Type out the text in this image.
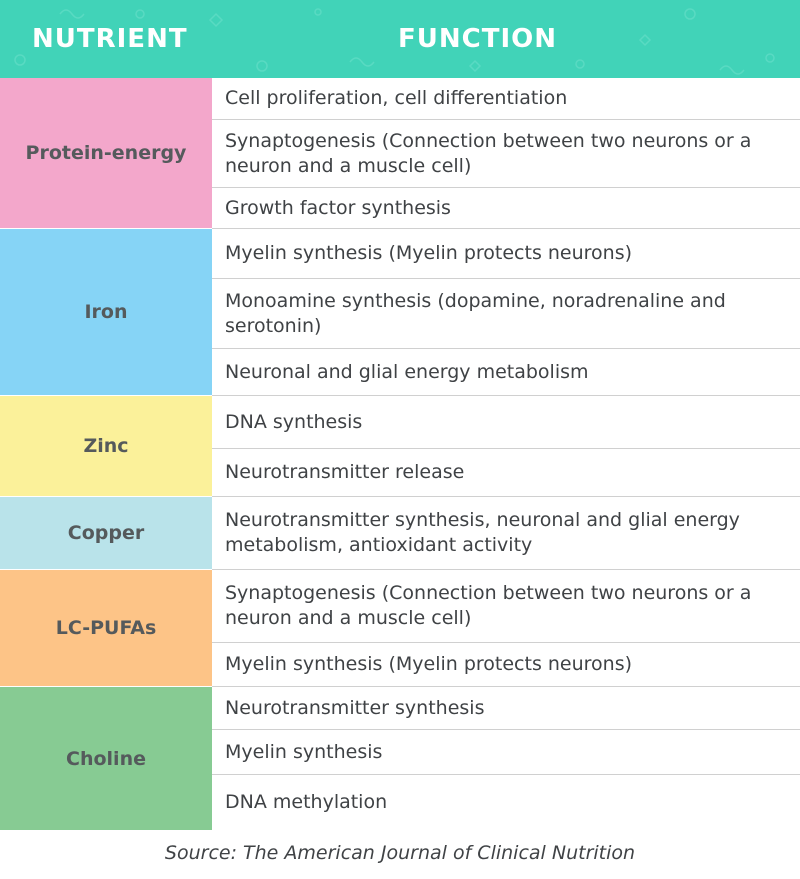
NUTRIENT	FUNCTION
Protein-energy
Cell proliferation, cell differentiation
Synaptogenesis (Connection between two neurons or a neuron and a muscle cell)
Growth factor synthesis
Iron
Myelin synthesis (Myelin protects neurons)
Monoamine synthesis (dopamine, noradrenaline and serotonin)
Neuronal and glial energy metabolism
Zinc
DNA synthesis
Neurotransmitter release
Copper
Neurotransmitter synthesis, neuronal and glial energy metabolism, antioxidant activity
LC-PUFAs
Synaptogenesis (Connection between two neurons or a neuron and a muscle cell)
Myelin synthesis (Myelin protects neurons)
Choline
Neurotransmitter synthesis
Myelin synthesis
DNA methylation
Source: The American Journal of Clinical Nutrition
